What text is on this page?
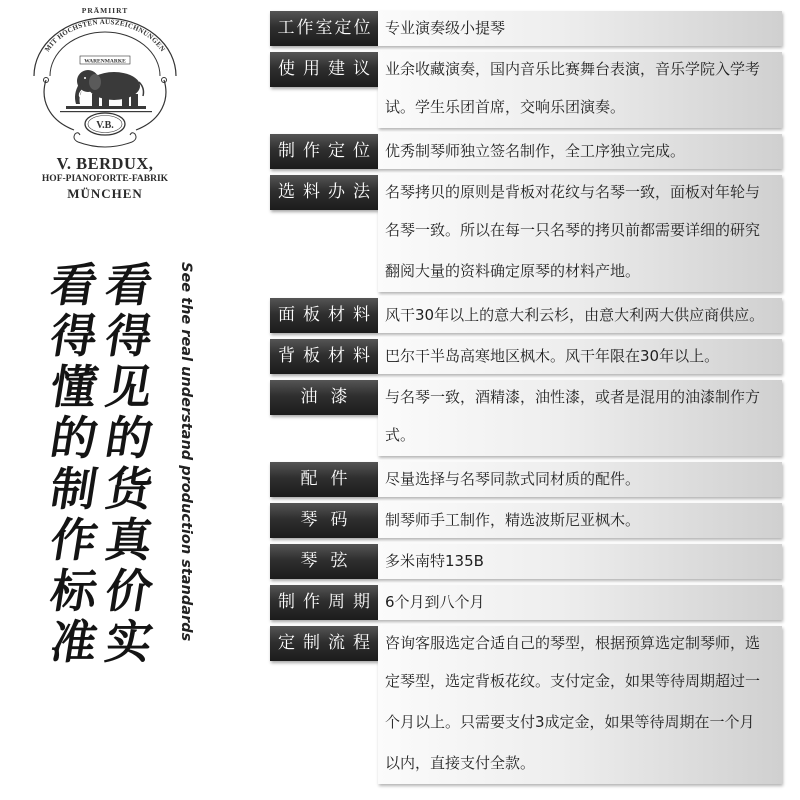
PRÄMIIRT
MIT HÖCHSTEN AUSZEICHNUNGEN
WARENMARKE
V.B.
V. BERDUX,
HOF-PIANOFORTE-FABRIK
MÜNCHEN
看
得
懂
的
制
作
标
准
看
得
见
的
货
真
价
实
See the real understand production standards
工作室定位 专业演奏级小提琴
使用建议 业余收藏演奏，国内音乐比赛舞台表演，音乐学院入学考
试。学生乐团首席，交响乐团演奏。
制作定位 优秀制琴师独立签名制作，全工序独立完成。
选料办法 名琴拷贝的原则是背板对花纹与名琴一致，面板对年轮与
名琴一致。所以在每一只名琴的拷贝前都需要详细的研究
翻阅大量的资料确定原琴的材料产地。
面板材料 风干30年以上的意大利云杉，由意大利两大供应商供应。
背板材料 巴尔干半岛高寒地区枫木。风干年限在30年以上。
油漆	与名琴一致，酒精漆，油性漆，或者是混用的油漆制作方
式。
配件	尽量选择与名琴同款式同材质的配件。
琴码	制琴师手工制作，精选波斯尼亚枫木。
琴弦	多米南特135B
制作周期 6个月到八个月
定制流程 咨询客服选定合适自己的琴型，根据预算选定制琴师，选
定琴型，选定背板花纹。支付定金，如果等待周期超过一
个月以上。只需要支付3成定金，如果等待周期在一个月
以内，直接支付全款。
